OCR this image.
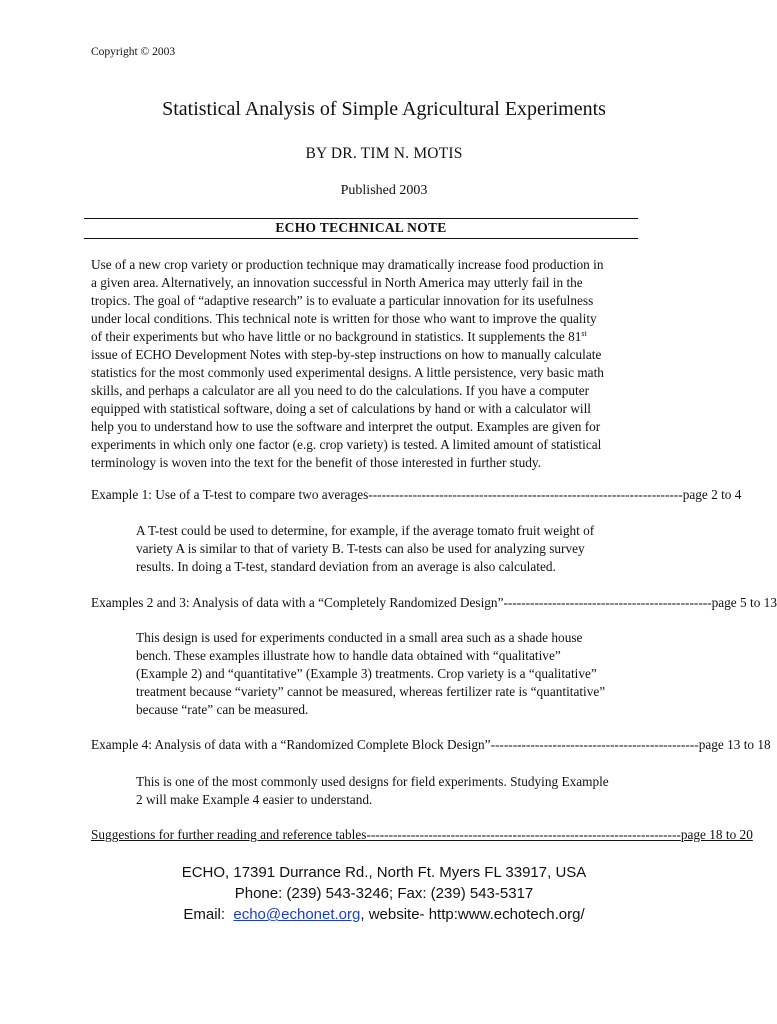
Copyright © 2003
Statistical Analysis of Simple Agricultural Experiments
BY DR. TIM N. MOTIS
Published 2003
ECHO TECHNICAL NOTE
Use of a new crop variety or production technique may dramatically increase food production in
a given area. Alternatively, an innovation successful in North America may utterly fail in the
tropics. The goal of “adaptive research” is to evaluate a particular innovation for its usefulness
under local conditions. This technical note is written for those who want to improve the quality
of their experiments but who have little or no background in statistics. It supplements the 81st
issue of ECHO Development Notes with step-by-step instructions on how to manually calculate
statistics for the most commonly used experimental designs. A little persistence, very basic math
skills, and perhaps a calculator are all you need to do the calculations. If you have a computer
equipped with statistical software, doing a set of calculations by hand or with a calculator will
help you to understand how to use the software and interpret the output. Examples are given for
experiments in which only one factor (e.g. crop variety) is tested. A limited amount of statistical
terminology is woven into the text for the benefit of those interested in further study.
Example 1: Use of a T-test to compare two averages ----------------------------------------------------------------------- page 2 to 4
A T-test could be used to determine, for example, if the average tomato fruit weight of
variety A is similar to that of variety B. T-tests can also be used for analyzing survey
results. In doing a T-test, standard deviation from an average is also calculated.
Examples 2 and 3: Analysis of data with a “Completely Randomized Design” ----------------------------------------------- page 5 to 13
This design is used for experiments conducted in a small area such as a shade house
bench. These examples illustrate how to handle data obtained with “qualitative”
(Example 2) and “quantitative” (Example 3) treatments. Crop variety is a “qualitative”
treatment because “variety” cannot be measured, whereas fertilizer rate is “quantitative”
because “rate” can be measured.
Example 4: Analysis of data with a “Randomized Complete Block Design” ----------------------------------------------- page 13 to 18
This is one of the most commonly used designs for field experiments. Studying Example
2 will make Example 4 easier to understand.
Suggestions for further reading and reference tables ----------------------------------------------------------------------- page 18 to 20
ECHO, 17391 Durrance Rd., North Ft. Myers FL 33917, USA
Phone: (239) 543-3246; Fax: (239) 543-5317
Email:  echo@echonet.org, website- http:www.echotech.org/
